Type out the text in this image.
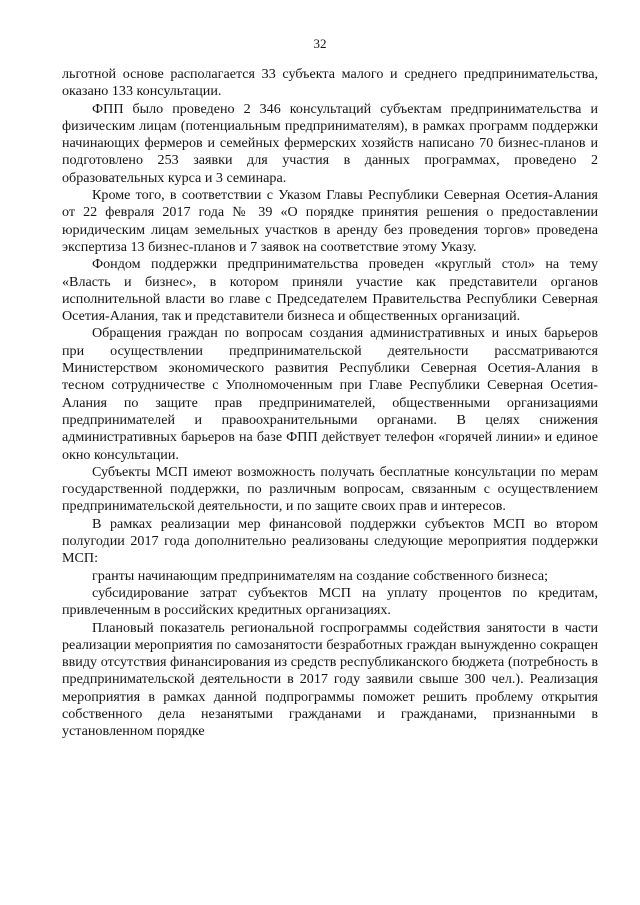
32

льготной основе располагается 33 субъекта малого и среднего предпринимательства, оказано 133 консультации.

ФПП было проведено 2 346 консультаций субъектам предпринимательства и физическим лицам (потенциальным предпринимателям), в рамках программ поддержки начинающих фермеров и семейных фермерских хозяйств написано 70 бизнес-планов и подготовлено 253 заявки для участия в данных программах, проведено 2 образовательных курса и 3 семинара.

Кроме того, в соответствии с Указом Главы Республики Северная Осетия-Алания от 22 февраля 2017 года № 39 «О порядке принятия решения о предоставлении юридическим лицам земельных участков в аренду без проведения торгов» проведена экспертиза 13 бизнес-планов и 7 заявок на соответствие этому Указу.

Фондом поддержки предпринимательства проведен «круглый стол» на тему «Власть и бизнес», в котором приняли участие как представители органов исполнительной власти во главе с Председателем Правительства Республики Северная Осетия-Алания, так и представители бизнеса и общественных организаций.

Обращения граждан по вопросам создания административных и иных барьеров при осуществлении предпринимательской деятельности рассматриваются Министерством экономического развития Республики Северная Осетия-Алания в тесном сотрудничестве с Уполномоченным при Главе Республики Северная Осетия-Алания по защите прав предпринимателей, общественными организациями предпринимателей и правоохранительными органами. В целях снижения административных барьеров на базе ФПП действует телефон «горячей линии» и единое окно консультации.

Субъекты МСП имеют возможность получать бесплатные консультации по мерам государственной поддержки, по различным вопросам, связанным с осуществлением предпринимательской деятельности, и по защите своих прав и интересов.

В рамках реализации мер финансовой поддержки субъектов МСП во втором полугодии 2017 года дополнительно реализованы следующие мероприятия поддержки МСП:

гранты начинающим предпринимателям на создание собственного бизнеса;

субсидирование затрат субъектов МСП на уплату процентов по кредитам, привлеченным в российских кредитных организациях.

Плановый показатель региональной госпрограммы содействия занятости в части реализации мероприятия по самозанятости безработных граждан вынужденно сокращен ввиду отсутствия финансирования из средств республиканского бюджета (потребность в предпринимательской деятельности в 2017 году заявили свыше 300 чел.). Реализация мероприятия в рамках данной подпрограммы поможет решить проблему открытия собственного дела незанятыми гражданами и гражданами, признанными в установленном порядке
